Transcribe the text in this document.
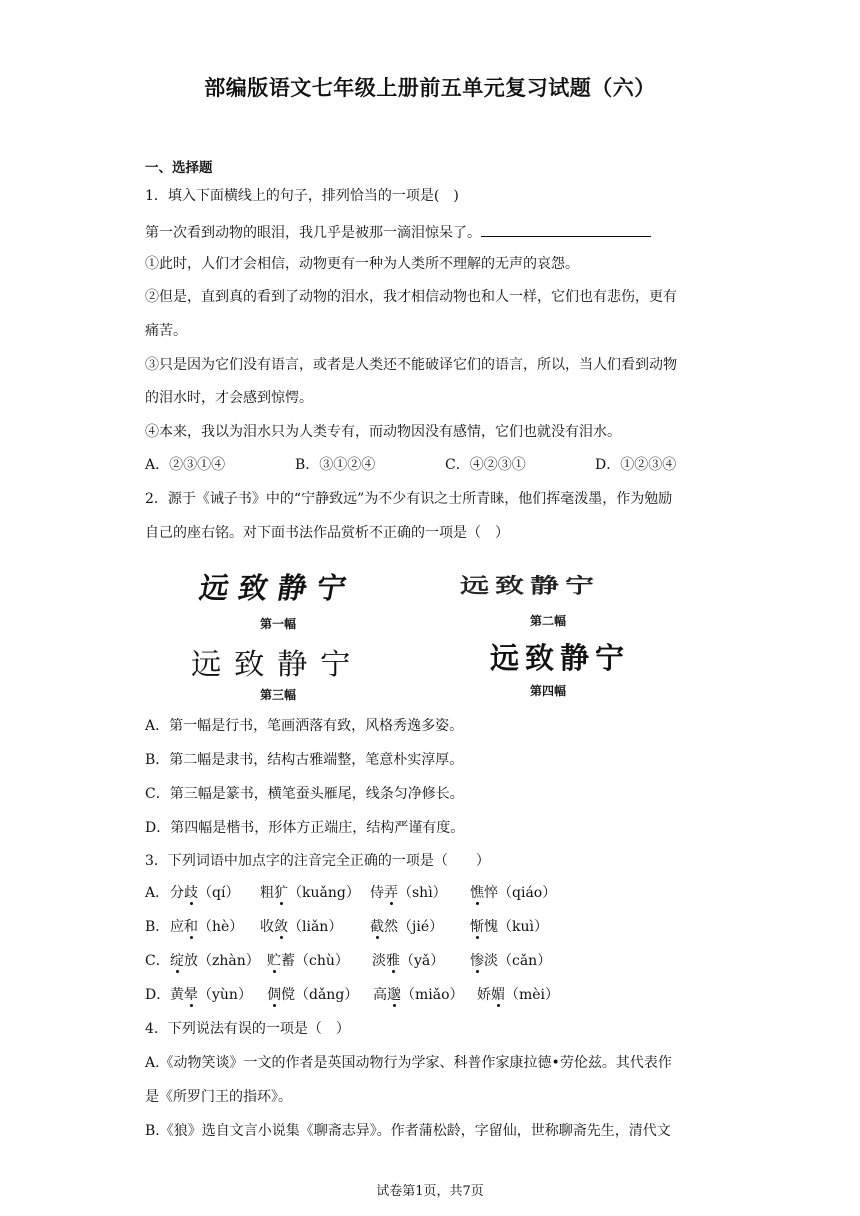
部编版语文七年级上册前五单元复习试题（六）
一、选择题
1．填入下面横线上的句子，排列恰当的一项是(　)
第一次看到动物的眼泪，我几乎是被那一滴泪惊呆了。
①此时，人们才会相信，动物更有一种为人类所不理解的无声的哀怨。
②但是，直到真的看到了动物的泪水，我才相信动物也和人一样，它们也有悲伤，更有
痛苦。
③只是因为它们没有语言，或者是人类还不能破译它们的语言，所以，当人们看到动物
的泪水时，才会感到惊愕。
④本来，我以为泪水只为人类专有，而动物因没有感情，它们也就没有泪水。
A．②③①④	B．③①②④	C．④②③①	D．①②③④
2．源于《诫子书》中的“宁静致远”为不少有识之士所青睐，他们挥毫泼墨，作为勉励
自己的座右铭。对下面书法作品赏析不正确的一项是（　）
远致静宁
第一幅
远致静宁
第二幅
远致静宁
第三幅
远致静宁
第四幅
A．第一幅是行书，笔画洒落有致，风格秀逸多姿。
B．第二幅是隶书，结构古雅端整，笔意朴实淳厚。
C．第三幅是篆书，横笔蚕头雁尾，线条匀净修长。
D．第四幅是楷书，形体方正端庄，结构严谨有度。
3．下列词语中加点字的注音完全正确的一项是（　　）
A． 分歧（qí） 粗犷（kuǎng） 侍弄（shì） 憔悴（qiáo）
B． 应和（hè） 收敛（liǎn） 截然（jié） 惭愧（kuì）
C． 绽放（zhàn） 贮蓄（chù） 淡雅（yǎ） 惨淡（cǎn）
D． 黄晕（yùn） 倜傥（dǎng） 高邈（miǎo） 娇媚（mèi）
4．下列说法有误的一项是（　）
A.《动物笑谈》一文的作者是英国动物行为学家、科普作家康拉德•劳伦兹。其代表作
是《所罗门王的指环》。
B.《狼》选自文言小说集《聊斋志异》。作者蒲松龄，字留仙，世称聊斋先生，清代文
试卷第1页，共7页
